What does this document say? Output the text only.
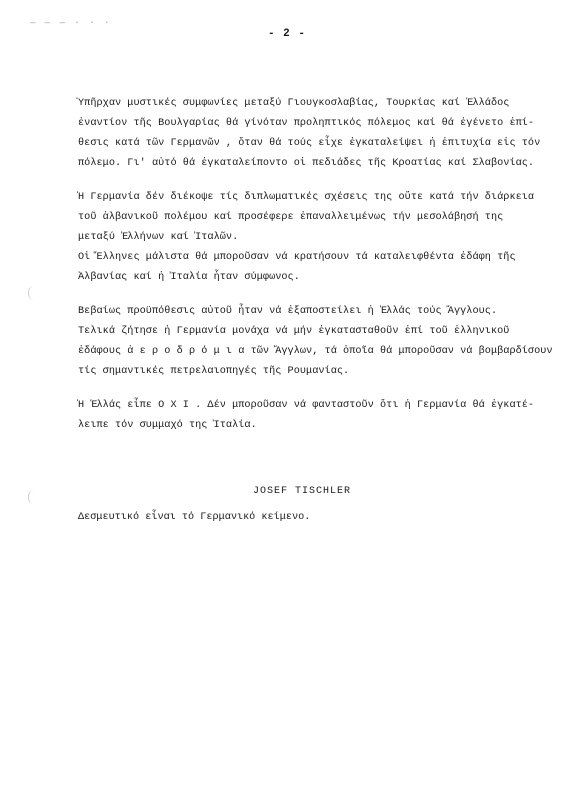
— — — · · ·
- 2 -
Ὑπῆρχαν μυστικές συμφωνίες μεταξύ Γιουγκοσλαβίας, Τουρκίας καί Ἑλλάδος
ἐναντίον τῆς Βουλγαρίας θά γίνόταν προληπτικός πόλεμος καί θά ἐγένετο ἐπί-
θεσις κατά τῶν Γερμανῶν , ὅταν θά τούς εἶχε ἐγκαταλείψει ἡ ἐπιτυχία εἰς τόν
πόλεμο. Γι' αὐτό θά ἐγκαταλείποντο οἱ πεδιάδες τῆς Κροατίας καί Σλαβονίας.
Ἡ Γερμανία δέν διέκοψε τίς διπλωματικές σχέσεις της οὔτε κατά τήν διάρκεια
τοῦ ἀλβανικοῦ πολέμου καί προσέφερε ἐπαναλλειμένως τήν μεσολάβησή της
μεταξύ Ἑλλήνων καί Ἰταλῶν.
Οἱ Ἕλληνες μάλιστα θά μποροῦσαν νά κρατήσουν τά καταλειφθέντα ἐδάφη τῆς
Ἀλβανίας καί ἡ Ἰταλία ἦταν σύμφωνος.
Βεβαίως προϋπόθεσις αὐτοῦ ἦταν νά ἐξαποστείλει ἡ Ἑλλάς τούς Ἄγγλους.
Τελικά ζήτησε ἡ Γερμανία μονάχα νά μήν ἐγκατασταθοῦν ἐπί τοῦ ἑλληνικοῦ
ἐδάφους ἀ ε ρ ο δ ρ ό μ ι α τῶν Ἄγγλων, τά ὁποῖα θά μποροῦσαν νά βομβαρδίσουν
τίς σημαντικές πετρελαιοπηγές τῆς Ρουμανίας.
Ἡ Ἑλλάς εἶπε Ο Χ Ι . Δέν μποροῦσαν νά φανταστοῦν ὅτι ἡ Γερμανία θά ἐγκατέ-
λειπε τόν συμμαχό της Ἰταλία.
JOSEF TISCHLER
Δεσμευτικό εἶναι τό Γερμανικό κείμενο.
